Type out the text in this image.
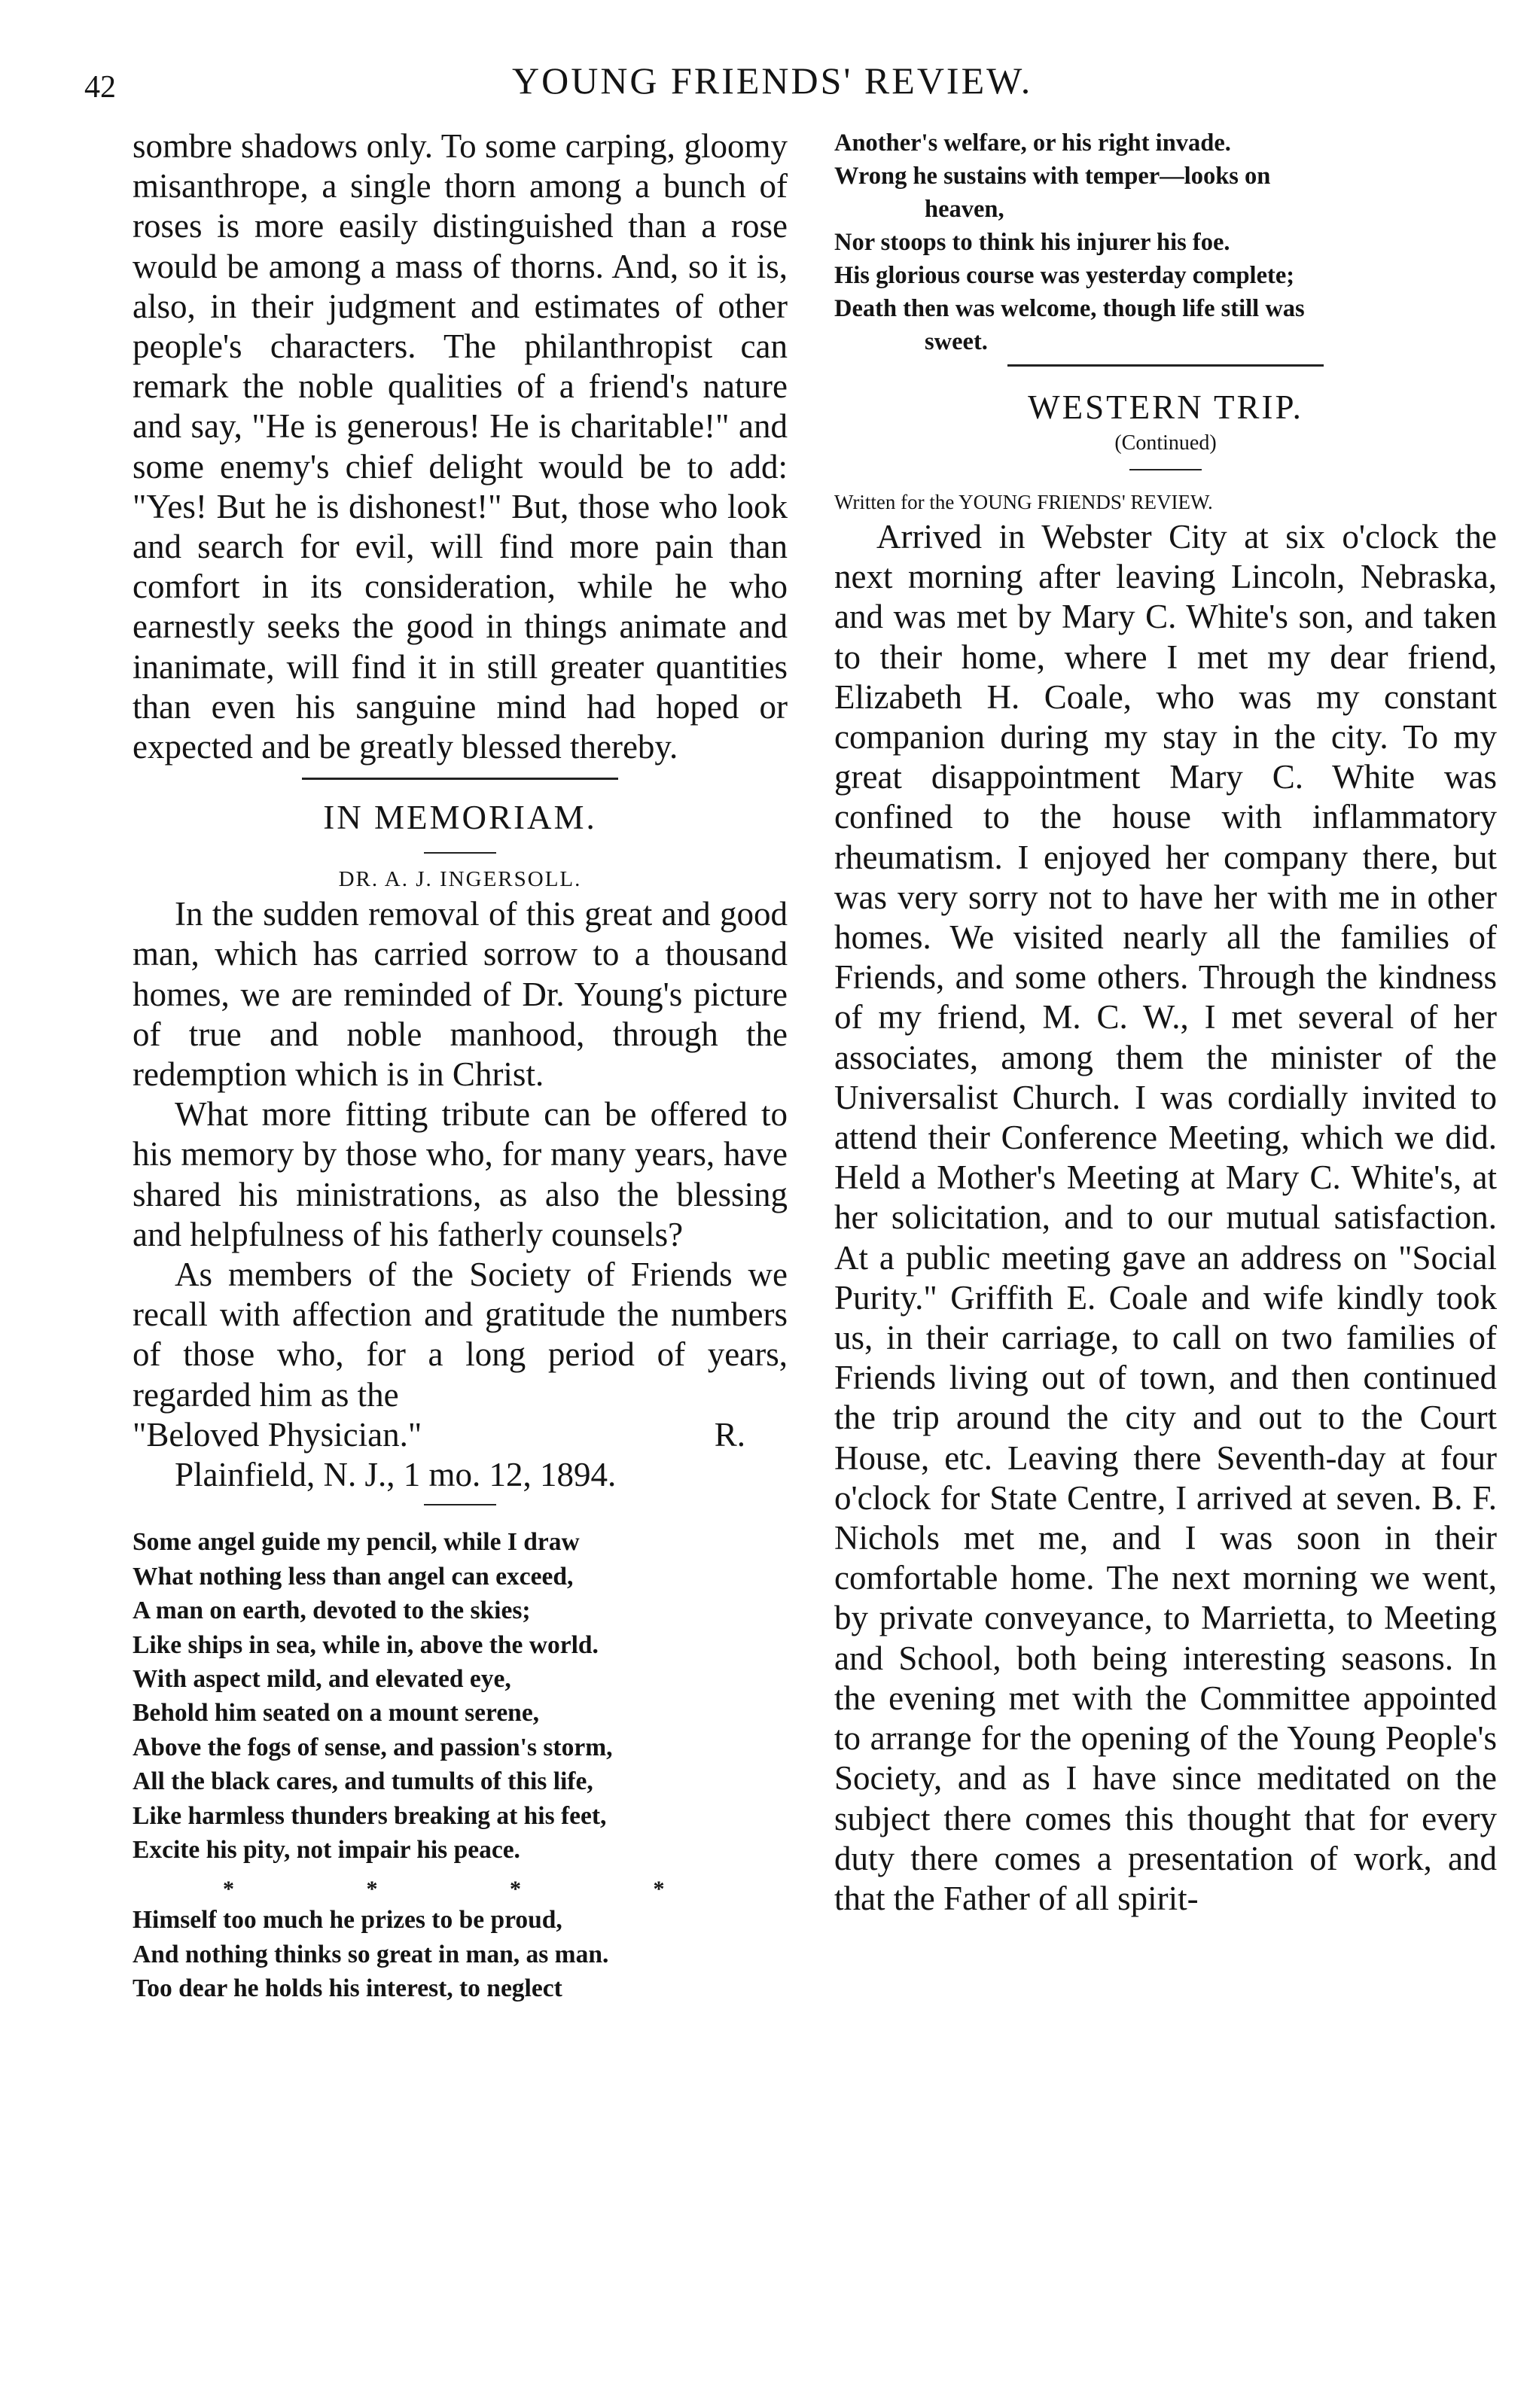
42	YOUNG FRIENDS' REVIEW.

sombre shadows only. To some carping, gloomy misanthrope, a single thorn among a bunch of roses is more easily distinguished than a rose would be among a mass of thorns. And, so it is, also, in their judgment and estimates of other people's characters. The philanthropist can remark the noble qualities of a friend's nature and say, "He is generous! He is charitable!" and some enemy's chief delight would be to add: "Yes! But he is dishonest!" But, those who look and search for evil, will find more pain than comfort in its consideration, while he who earnestly seeks the good in things animate and inanimate, will find it in still greater quantities than even his sanguine mind had hoped or expected and be greatly blessed thereby.

IN MEMORIAM.

DR. A. J. INGERSOLL.

In the sudden removal of this great and good man, which has carried sorrow to a thousand homes, we are reminded of Dr. Young's picture of true and noble manhood, through the redemption which is in Christ.

What more fitting tribute can be offered to his memory by those who, for many years, have shared his ministrations, as also the blessing and helpfulness of his fatherly counsels?

As members of the Society of Friends we recall with affection and gratitude the numbers of those who, for a long period of years, regarded him as the

"Beloved Physician."	R.

Plainfield, N. J., 1 mo. 12, 1894.

Some angel guide my pencil, while I draw
What nothing less than angel can exceed,
A man on earth, devoted to the skies;
Like ships in sea, while in, above the world.
With aspect mild, and elevated eye,
Behold him seated on a mount serene,
Above the fogs of sense, and passion's storm,
All the black cares, and tumults of this life,
Like harmless thunders breaking at his feet,
Excite his pity, not impair his peace.

* * * *

Himself too much he prizes to be proud,
And nothing thinks so great in man, as man.
Too dear he holds his interest, to neglect
Another's welfare, or his right invade.
Wrong he sustains with temper—looks on
heaven,
Nor stoops to think his injurer his foe.
His glorious course was yesterday complete;
Death then was welcome, though life still was
sweet.

WESTERN TRIP.

(Continued)

Written for the YOUNG FRIENDS' REVIEW.

Arrived in Webster City at six o'clock the next morning after leaving Lincoln, Nebraska, and was met by Mary C. White's son, and taken to their home, where I met my dear friend, Elizabeth H. Coale, who was my constant companion during my stay in the city. To my great disappointment Mary C. White was confined to the house with inflammatory rheumatism. I enjoyed her company there, but was very sorry not to have her with me in other homes. We visited nearly all the families of Friends, and some others. Through the kindness of my friend, M. C. W., I met several of her associates, among them the minister of the Universalist Church. I was cordially invited to attend their Conference Meeting, which we did. Held a Mother's Meeting at Mary C. White's, at her solicitation, and to our mutual satisfaction. At a public meeting gave an address on "Social Purity." Griffith E. Coale and wife kindly took us, in their carriage, to call on two families of Friends living out of town, and then continued the trip around the city and out to the Court House, etc. Leaving there Seventh-day at four o'clock for State Centre, I arrived at seven. B. F. Nichols met me, and I was soon in their comfortable home. The next morning we went, by private conveyance, to Marrietta, to Meeting and School, both being interesting seasons. In the evening met with the Committee appointed to arrange for the opening of the Young People's Society, and as I have since meditated on the subject there comes this thought that for every duty there comes a presentation of work, and that the Father of all spirit-
